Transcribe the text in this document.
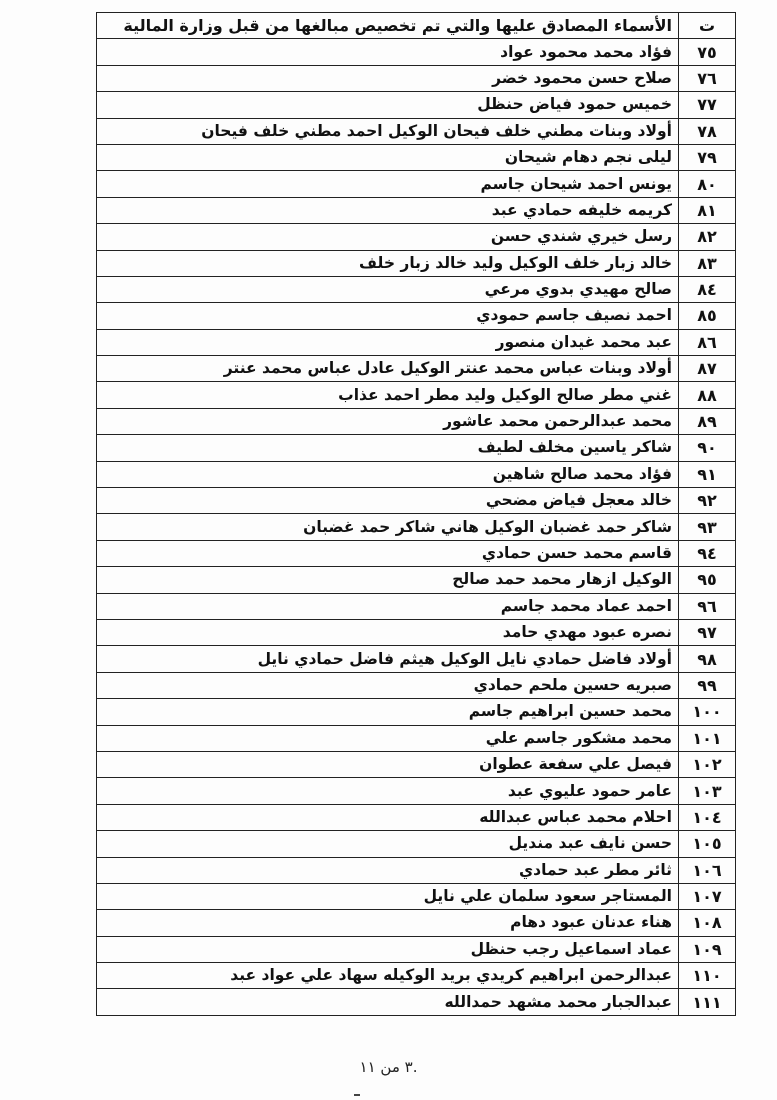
ت	الأسماء المصادق عليها والتي تم تخصيص مبالغها من قبل وزارة المالية
٧٥	فؤاد محمد محمود عواد
٧٦	صلاح حسن محمود خضر
٧٧	خميس حمود فياض حنظل
٧٨	أولاد وبنات مطني خلف فيحان الوكيل احمد مطني خلف فيحان
٧٩	ليلى نجم دهام شيحان
٨٠	يونس احمد شيحان جاسم
٨١	كريمه خليفه حمادي عبد
٨٢	رسل خيري شندي حسن
٨٣	خالد زبار خلف الوكيل وليد خالد زبار خلف
٨٤	صالح مهيدي بدوي مرعي
٨٥	احمد نصيف جاسم حمودي
٨٦	عبد محمد غيدان منصور
٨٧	أولاد وبنات عباس محمد عنتر الوكيل عادل عباس محمد عنتر
٨٨	غني مطر صالح الوكيل وليد مطر احمد عذاب
٨٩	محمد عبدالرحمن محمد عاشور
٩٠	شاكر ياسين مخلف لطيف
٩١	فؤاد محمد صالح شاهين
٩٢	خالد معجل فياض مضحي
٩٣	شاكر حمد غضبان الوكيل هاني شاكر حمد غضبان
٩٤	قاسم محمد حسن حمادي
٩٥	الوكيل ازهار محمد حمد صالح
٩٦	احمد عماد محمد جاسم
٩٧	نصره عبود مهدي حامد
٩٨	أولاد فاضل حمادي نايل الوكيل هيثم فاضل حمادي نايل
٩٩	صبريه حسين ملحم حمادي
١٠٠	محمد حسين ابراهيم جاسم
١٠١	محمد مشكور جاسم علي
١٠٢	فيصل علي سفعة عطوان
١٠٣	عامر حمود عليوي عبد
١٠٤	احلام محمد عباس عبدالله
١٠٥	حسن نايف عبد منديل
١٠٦	ثائر مطر عبد حمادي
١٠٧	المستاجر سعود سلمان علي نايل
١٠٨	هناء عدنان عبود دهام
١٠٩	عماد اسماعيل رجب حنظل
١١٠	عبدالرحمن ابراهيم كريدي بريد الوكيله سهاد علي عواد عبد
١١١	عبدالجبار محمد مشهد حمدالله
.٣ من ١١
